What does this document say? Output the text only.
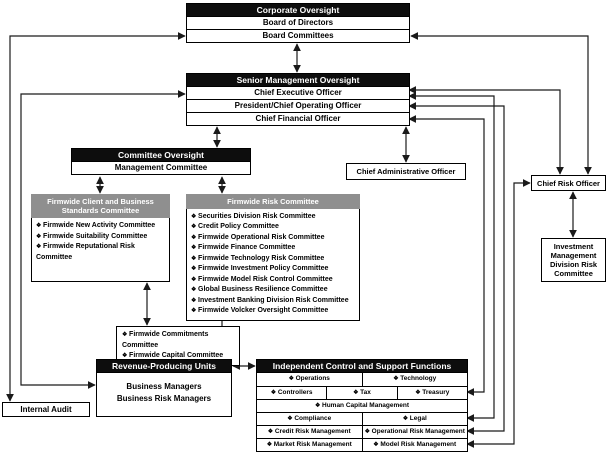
Corporate Oversight
Board of Directors
Board Committees
Senior Management Oversight
Chief Executive Officer
President/Chief Operating Officer
Chief Financial Officer
Committee Oversight
Management Committee	Chief Administrative Officer
Chief Risk Officer
Firmwide Client and Business Standards Committee
❖ Firmwide New Activity Committee
❖ Firmwide Suitability Committee
❖ Firmwide Reputational Risk Committee
Firmwide Risk Committee
❖ Securities Division Risk Committee
❖ Credit Policy Committee
❖ Firmwide Operational Risk Committee
❖ Firmwide Finance Committee
❖ Firmwide Technology Risk Committee
❖ Firmwide Investment Policy Committee
❖ Firmwide Model Risk Control Committee
❖ Global Business Resilience Committee
❖ Investment Banking Division Risk Committee
❖ Firmwide Volcker Oversight Committee
❖ Firmwide Commitments Committee
❖ Firmwide Capital Committee
Revenue-Producing Units
Business Managers
Business Risk Managers
Independent Control and Support Functions
❖ Operations	❖ Technology
❖ Controllers	❖ Tax	❖ Treasury
❖ Human Capital Management
❖ Compliance	❖ Legal
❖ Credit Risk Management	❖ Operational Risk Management
❖ Market Risk Management	❖ Model Risk Management
Internal Audit
Investment Management Division Risk Committee
